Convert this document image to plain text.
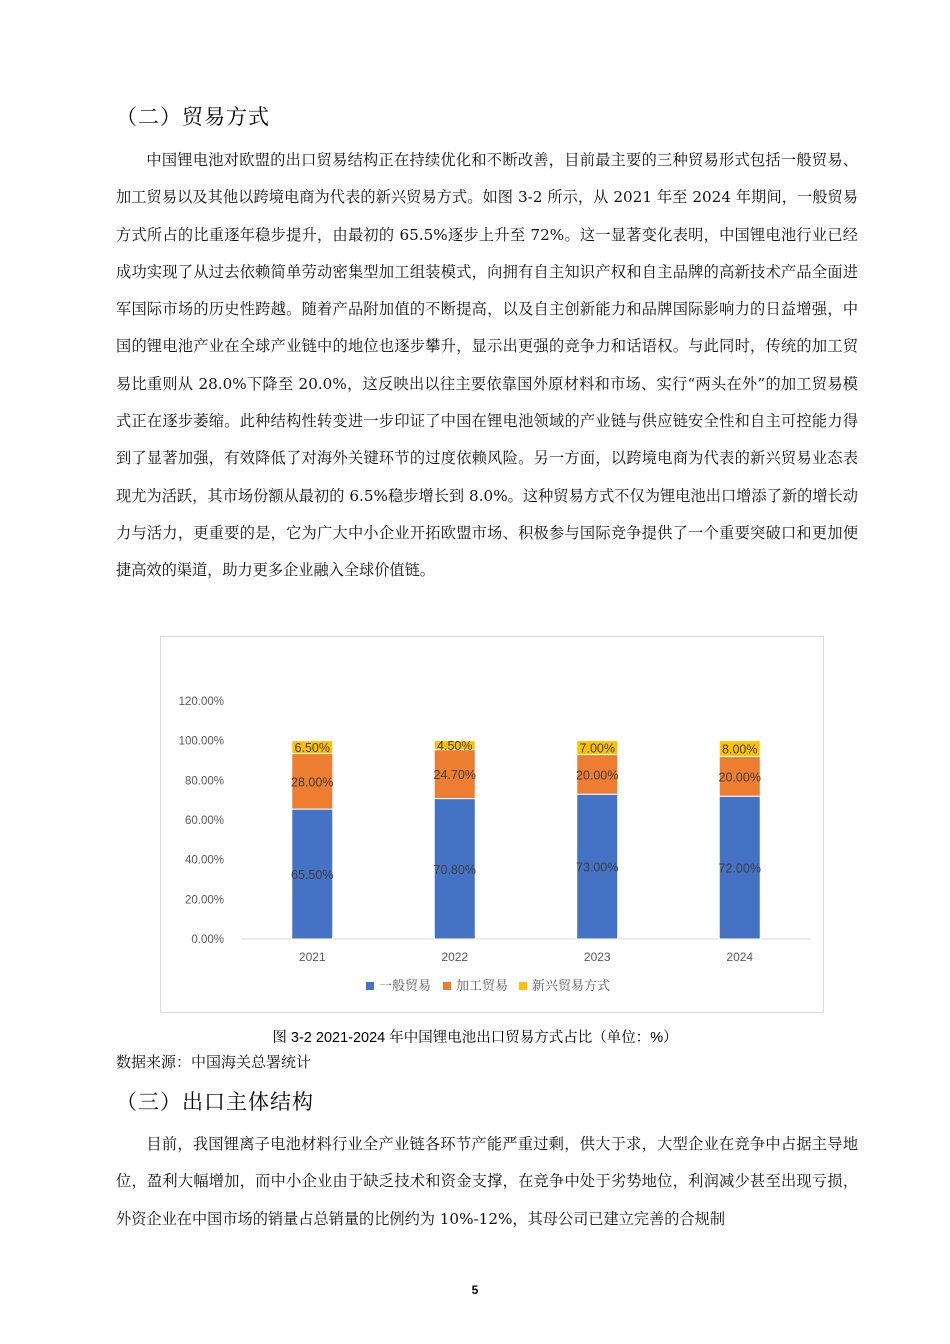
（二）贸易方式

中国锂电池对欧盟的出口贸易结构正在持续优化和不断改善，目前最主要的三种贸易形式包括一般贸易、加工贸易以及其他以跨境电商为代表的新兴贸易方式。如图 3-2 所示，从 2021 年至 2024 年期间，一般贸易方式所占的比重逐年稳步提升，由最初的 65.5%逐步上升至 72%。这一显著变化表明，中国锂电池行业已经成功实现了从过去依赖简单劳动密集型加工组装模式，向拥有自主知识产权和自主品牌的高新技术产品全面进军国际市场的历史性跨越。随着产品附加值的不断提高，以及自主创新能力和品牌国际影响力的日益增强，中国的锂电池产业在全球产业链中的地位也逐步攀升，显示出更强的竞争力和话语权。与此同时，传统的加工贸易比重则从 28.0%下降至 20.0%，这反映出以往主要依靠国外原材料和市场、实行“两头在外”的加工贸易模式正在逐步萎缩。此种结构性转变进一步印证了中国在锂电池领域的产业链与供应链安全性和自主可控能力得到了显著加强，有效降低了对海外关键环节的过度依赖风险。另一方面，以跨境电商为代表的新兴贸易业态表现尤为活跃，其市场份额从最初的 6.5%稳步增长到 8.0%。这种贸易方式不仅为锂电池出口增添了新的增长动力与活力，更重要的是，它为广大中小企业开拓欧盟市场、积极参与国际竞争提供了一个重要突破口和更加便捷高效的渠道，助力更多企业融入全球价值链。

0.00%
20.00%
40.00%
60.00%
80.00%
100.00%
120.00%
65.50%
28.00%
6.50%
2021
70.80%
24.70%
4.50%
2022
73.00%
20.00%
7.00%
2023
72.00%
20.00%
8.00%
2024
一般贸易 加工贸易 新兴贸易方式
图 3-2 2021-2024 年中国锂电池出口贸易方式占比（单位：%）
数据来源：中国海关总署统计
（三）出口主体结构

目前，我国锂离子电池材料行业全产业链各环节产能严重过剩，供大于求，大型企业在竞争中占据主导地位，盈利大幅增加，而中小企业由于缺乏技术和资金支撑，在竞争中处于劣势地位，利润减少甚至出现亏损，外资企业在中国市场的销量占总销量的比例约为 10%-12%，其母公司已建立完善的合规制

5
